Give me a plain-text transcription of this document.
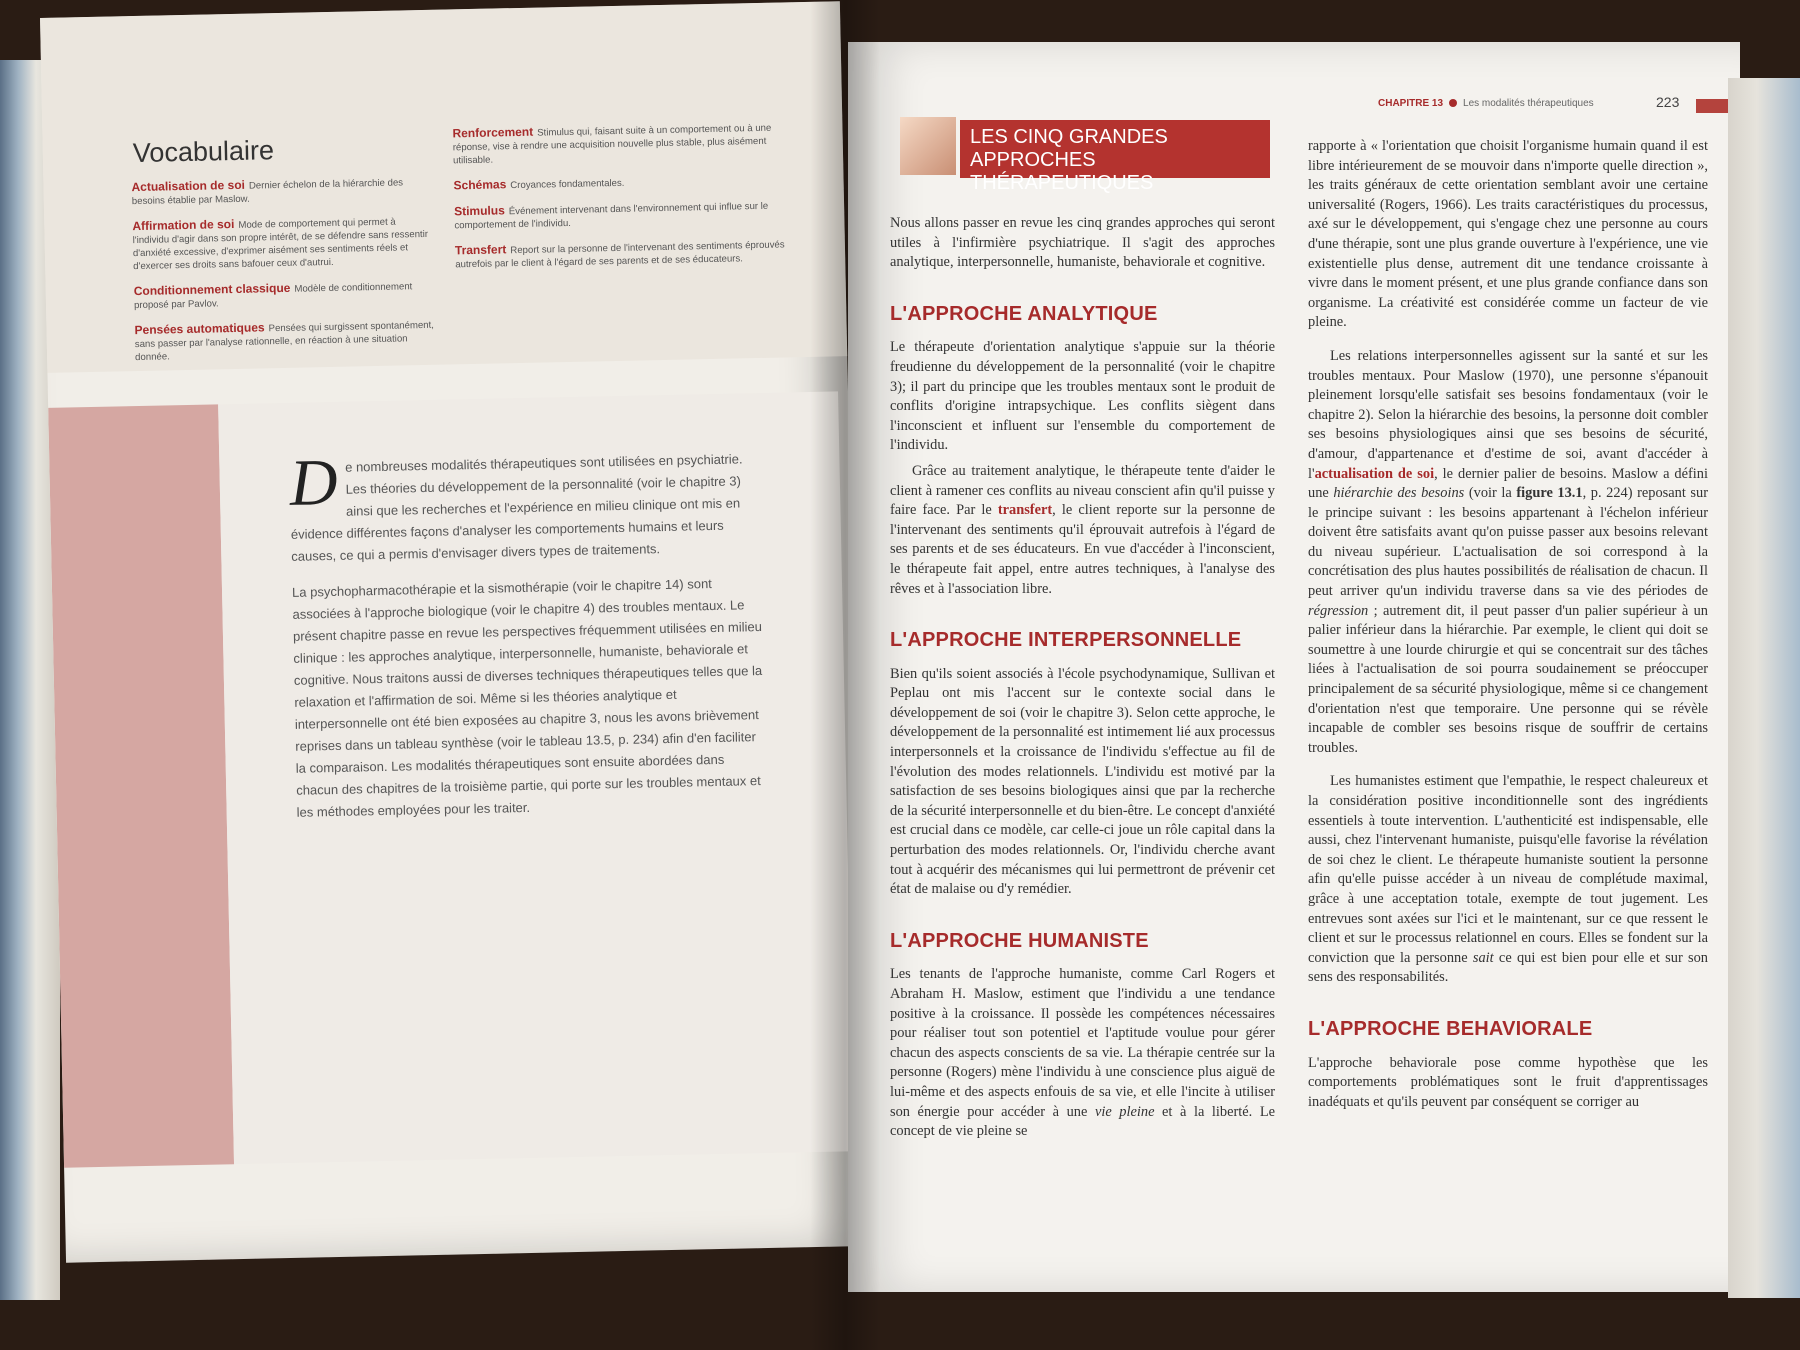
Vocabulaire
Actualisation de soi Dernier échelon de la hiérarchie des besoins établie par Maslow.
Affirmation de soi Mode de comportement qui permet à l'individu d'agir dans son propre intérêt, de se défendre sans ressentir d'anxiété excessive, d'exprimer aisément ses sentiments réels et d'exercer ses droits sans bafouer ceux d'autrui.
Conditionnement classique Modèle de conditionnement proposé par Pavlov.
Pensées automatiques Pensées qui surgissent spontanément, sans passer par l'analyse rationnelle, en réaction à une situation donnée.
Renforcement Stimulus qui, faisant suite à un comportement ou à une réponse, vise à rendre une acquisition nouvelle plus stable, plus aisément utilisable.
Schémas Croyances fondamentales.
Stimulus Événement intervenant dans l'environnement qui influe sur le comportement de l'individu.
Transfert Report sur la personne de l'intervenant des sentiments éprouvés autrefois par le client à l'égard de ses parents et de ses éducateurs.

De nombreuses modalités thérapeutiques sont utilisées en psychiatrie. Les théories du développement de la personnalité (voir le chapitre 3) ainsi que les recherches et l'expérience en milieu clinique ont mis en évidence différentes façons d'analyser les comportements humains et leurs causes, ce qui a permis d'envisager divers types de traitements.

La psychopharmacothérapie et la sismothérapie (voir le chapitre 14) sont associées à l'approche biologique (voir le chapitre 4) des troubles mentaux. Le présent chapitre passe en revue les perspectives fréquemment utilisées en milieu clinique : les approches analytique, interpersonnelle, humaniste, behaviorale et cognitive. Nous traitons aussi de diverses techniques thérapeutiques telles que la relaxation et l'affirmation de soi. Même si les théories analytique et interpersonnelle ont été bien exposées au chapitre 3, nous les avons brièvement reprises dans un tableau synthèse (voir le tableau 13.5, p. 234) afin d'en faciliter la comparaison. Les modalités thérapeutiques sont ensuite abordées dans chacun des chapitres de la troisième partie, qui porte sur les troubles mentaux et les méthodes employées pour les traiter.

CHAPITRE 13 Les modalités thérapeutiques	223
LES CINQ GRANDES APPROCHES
THÉRAPEUTIQUES

Nous allons passer en revue les cinq grandes approches qui seront utiles à l'infirmière psychiatrique. Il s'agit des approches analytique, interpersonnelle, humaniste, behaviorale et cognitive.

L'APPROCHE ANALYTIQUE

Le thérapeute d'orientation analytique s'appuie sur la théorie freudienne du développement de la personnalité (voir le chapitre 3); il part du principe que les troubles mentaux sont le produit de conflits d'origine intrapsychique. Les conflits siègent dans l'inconscient et influent sur l'ensemble du comportement de l'individu.

Grâce au traitement analytique, le thérapeute tente d'aider le client à ramener ces conflits au niveau conscient afin qu'il puisse y faire face. Par le transfert, le client reporte sur la personne de l'intervenant des sentiments qu'il éprouvait autrefois à l'égard de ses parents et de ses éducateurs. En vue d'accéder à l'inconscient, le thérapeute fait appel, entre autres techniques, à l'analyse des rêves et à l'association libre.

L'APPROCHE INTERPERSONNELLE

Bien qu'ils soient associés à l'école psychodynamique, Sullivan et Peplau ont mis l'accent sur le contexte social dans le développement de soi (voir le chapitre 3). Selon cette approche, le développement de la personnalité est intimement lié aux processus interpersonnels et la croissance de l'individu s'effectue au fil de l'évolution des modes relationnels. L'individu est motivé par la satisfaction de ses besoins biologiques ainsi que par la recherche de la sécurité interpersonnelle et du bien-être. Le concept d'anxiété est crucial dans ce modèle, car celle-ci joue un rôle capital dans la perturbation des modes relationnels. Or, l'individu cherche avant tout à acquérir des mécanismes qui lui permettront de prévenir cet état de malaise ou d'y remédier.

L'APPROCHE HUMANISTE

Les tenants de l'approche humaniste, comme Carl Rogers et Abraham H. Maslow, estiment que l'individu a une tendance positive à la croissance. Il possède les compétences nécessaires pour réaliser tout son potentiel et l'aptitude voulue pour gérer chacun des aspects conscients de sa vie. La thérapie centrée sur la personne (Rogers) mène l'individu à une conscience plus aiguë de lui-même et des aspects enfouis de sa vie, et elle l'incite à utiliser son énergie pour accéder à une vie pleine et à la liberté. Le concept de vie pleine se

rapporte à « l'orientation que choisit l'organisme humain quand il est libre intérieurement de se mouvoir dans n'importe quelle direction », les traits généraux de cette orientation semblant avoir une certaine universalité (Rogers, 1966). Les traits caractéristiques du processus, axé sur le développement, qui s'engage chez une personne au cours d'une thérapie, sont une plus grande ouverture à l'expérience, une vie existentielle plus dense, autrement dit une tendance croissante à vivre dans le moment présent, et une plus grande confiance dans son organisme. La créativité est considérée comme un facteur de vie pleine.

Les relations interpersonnelles agissent sur la santé et sur les troubles mentaux. Pour Maslow (1970), une personne s'épanouit pleinement lorsqu'elle satisfait ses besoins fondamentaux (voir le chapitre 2). Selon la hiérarchie des besoins, la personne doit combler ses besoins physiologiques ainsi que ses besoins de sécurité, d'amour, d'appartenance et d'estime de soi, avant d'accéder à l'actualisation de soi, le dernier palier de besoins. Maslow a défini une hiérarchie des besoins (voir la figure 13.1, p. 224) reposant sur le principe suivant : les besoins appartenant à l'échelon inférieur doivent être satisfaits avant qu'on puisse passer aux besoins relevant du niveau supérieur. L'actualisation de soi correspond à la concrétisation des plus hautes possibilités de réalisation de chacun. Il peut arriver qu'un individu traverse dans sa vie des périodes de régression ; autrement dit, il peut passer d'un palier supérieur à un palier inférieur dans la hiérarchie. Par exemple, le client qui doit se soumettre à une lourde chirurgie et qui se concentrait sur des tâches liées à l'actualisation de soi pourra soudainement se préoccuper principalement de sa sécurité physiologique, même si ce changement d'orientation n'est que temporaire. Une personne qui se révèle incapable de combler ses besoins risque de souffrir de certains troubles.

Les humanistes estiment que l'empathie, le respect chaleureux et la considération positive inconditionnelle sont des ingrédients essentiels à toute intervention. L'authenticité est indispensable, elle aussi, chez l'intervenant humaniste, puisqu'elle favorise la révélation de soi chez le client. Le thérapeute humaniste soutient la personne afin qu'elle puisse accéder à un niveau de complétude maximal, grâce à une acceptation totale, exempte de tout jugement. Les entrevues sont axées sur l'ici et le maintenant, sur ce que ressent le client et sur le processus relationnel en cours. Elles se fondent sur la conviction que la personne sait ce qui est bien pour elle et sur son sens des responsabilités.

L'APPROCHE BEHAVIORALE

L'approche behaviorale pose comme hypothèse que les comportements problématiques sont le fruit d'apprentissages inadéquats et qu'ils peuvent par conséquent se corriger au
